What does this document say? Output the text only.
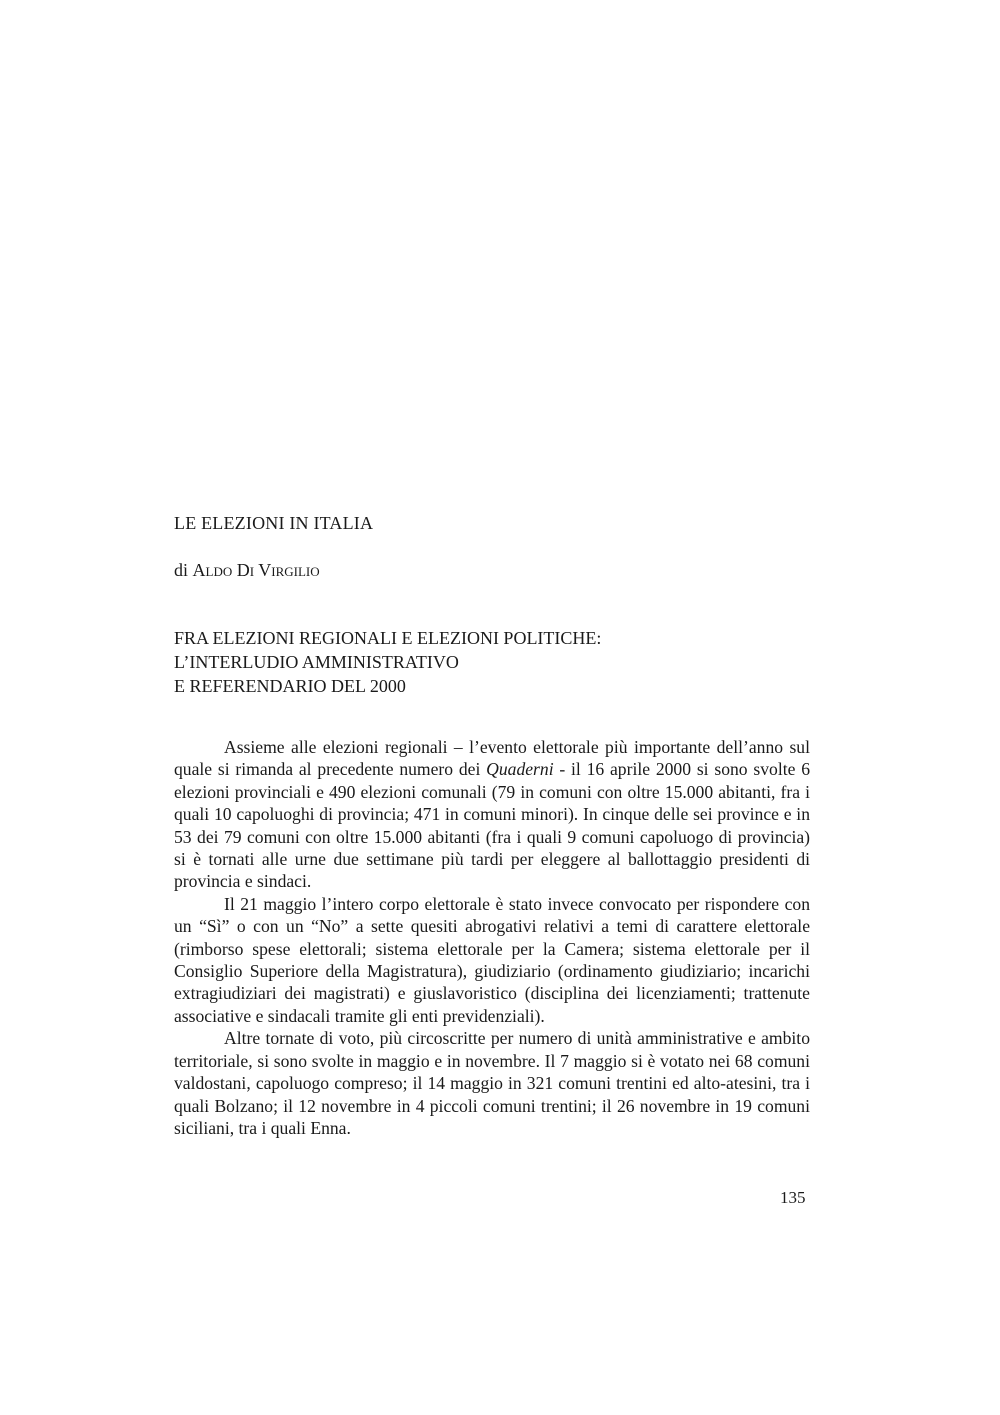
LE ELEZIONI IN ITALIA

di Aldo Di Virgilio

FRA ELEZIONI REGIONALI E ELEZIONI POLITICHE:
L’INTERLUDIO AMMINISTRATIVO
E REFERENDARIO DEL 2000

Assieme alle elezioni regionali – l’evento elettorale più importante dell’anno sul quale si rimanda al precedente numero dei Quaderni - il 16 aprile 2000 si sono svolte 6 elezioni provinciali e 490 elezioni comunali (79 in comuni con oltre 15.000 abitanti, fra i quali 10 capoluoghi di provincia; 471 in comuni minori). In cinque delle sei province e in 53 dei 79 comuni con oltre 15.000 abitanti (fra i quali 9 comuni capoluogo di provincia) si è tornati alle urne due settimane più tardi per eleggere al ballottaggio presidenti di provincia e sindaci.

Il 21 maggio l’intero corpo elettorale è stato invece convocato per rispondere con un “Sì” o con un “No” a sette quesiti abrogativi relativi a temi di carattere elettorale (rimborso spese elettorali; sistema elettorale per la Camera; sistema elettorale per il Consiglio Superiore della Magistratura), giudiziario (ordinamento giudiziario; incarichi extragiudiziari dei magistrati) e giuslavoristico (disciplina dei licenziamenti; trattenute associative e sindacali tramite gli enti previdenziali).

Altre tornate di voto, più circoscritte per numero di unità amministrative e ambito territoriale, si sono svolte in maggio e in novembre. Il 7 maggio si è votato nei 68 comuni valdostani, capoluogo compreso; il 14 maggio in 321 comuni trentini ed alto-atesini, tra i quali Bolzano; il 12 novembre in 4 piccoli comuni trentini; il 26 novembre in 19 comuni siciliani, tra i quali Enna.

135
